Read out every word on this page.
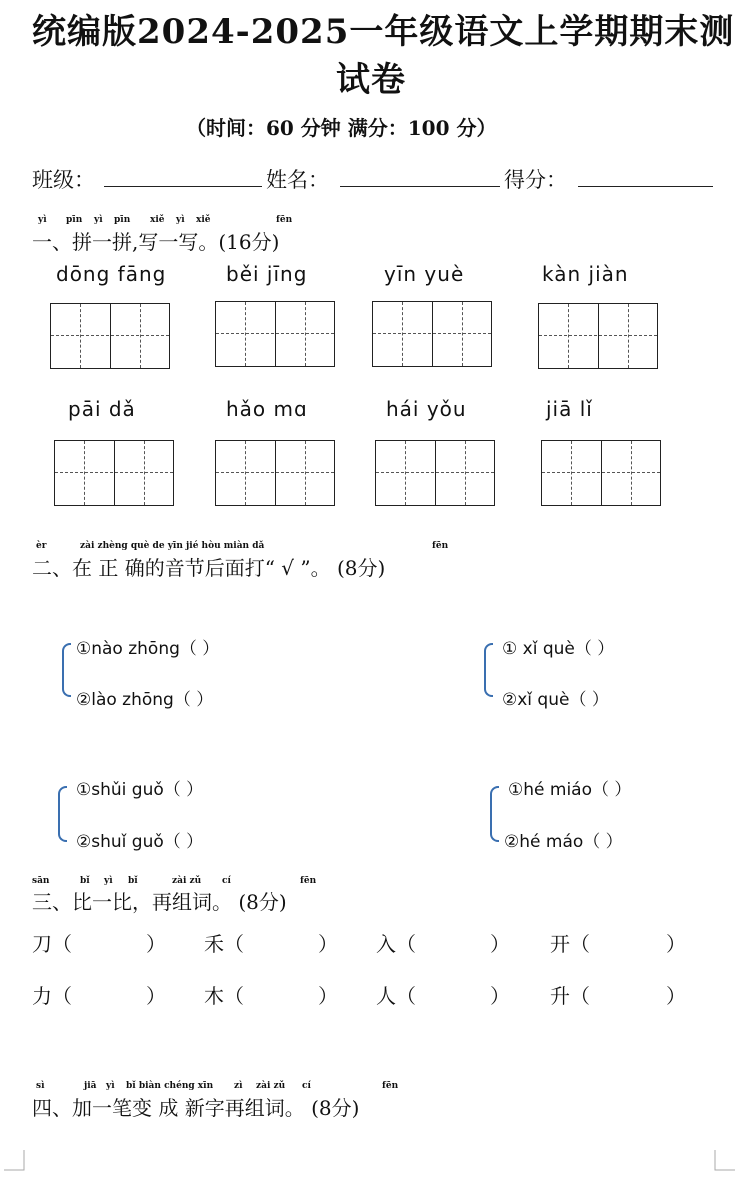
统编版2024-2025一年级语文上学期期末测
试卷
（时间：60 分钟 满分：100 分）
班级：	姓名：	得分：
yì pīn yì pīn xiě yì xiě	fēn
一、拼一拼,写一写。(16分)
dōng fāng	běi jīng	yīn yuè	kàn jiàn
pāi dǎ	hǎo mɑ	hái yǒu	jiā lǐ
èr	zài zhèng què de yīn jié hòu miàn dǎ	fēn
二、在 正 确的音节后面打“ √ ”。 (8分)
①nào zhōng（ ）
②lào zhōng（ ）
① xǐ què（ ）
②xǐ què（ ）
①shǔi guǒ（ ）
②shuǐ guǒ（ ）
①hé miáo（ ）
②hé máo（ ）
sān	bǐ yì bǐ	zài zǔ cí	fēn
三、比一比，再组词。 (8分)
刀（	） 禾（	） 入（	） 开（	）
力（	） 木（	） 人（	） 升（	）
sì	jiā yì bǐ biàn chéng xīn zì zài zǔ cí	fēn
四、加一笔变 成 新字再组词。 (8分)
